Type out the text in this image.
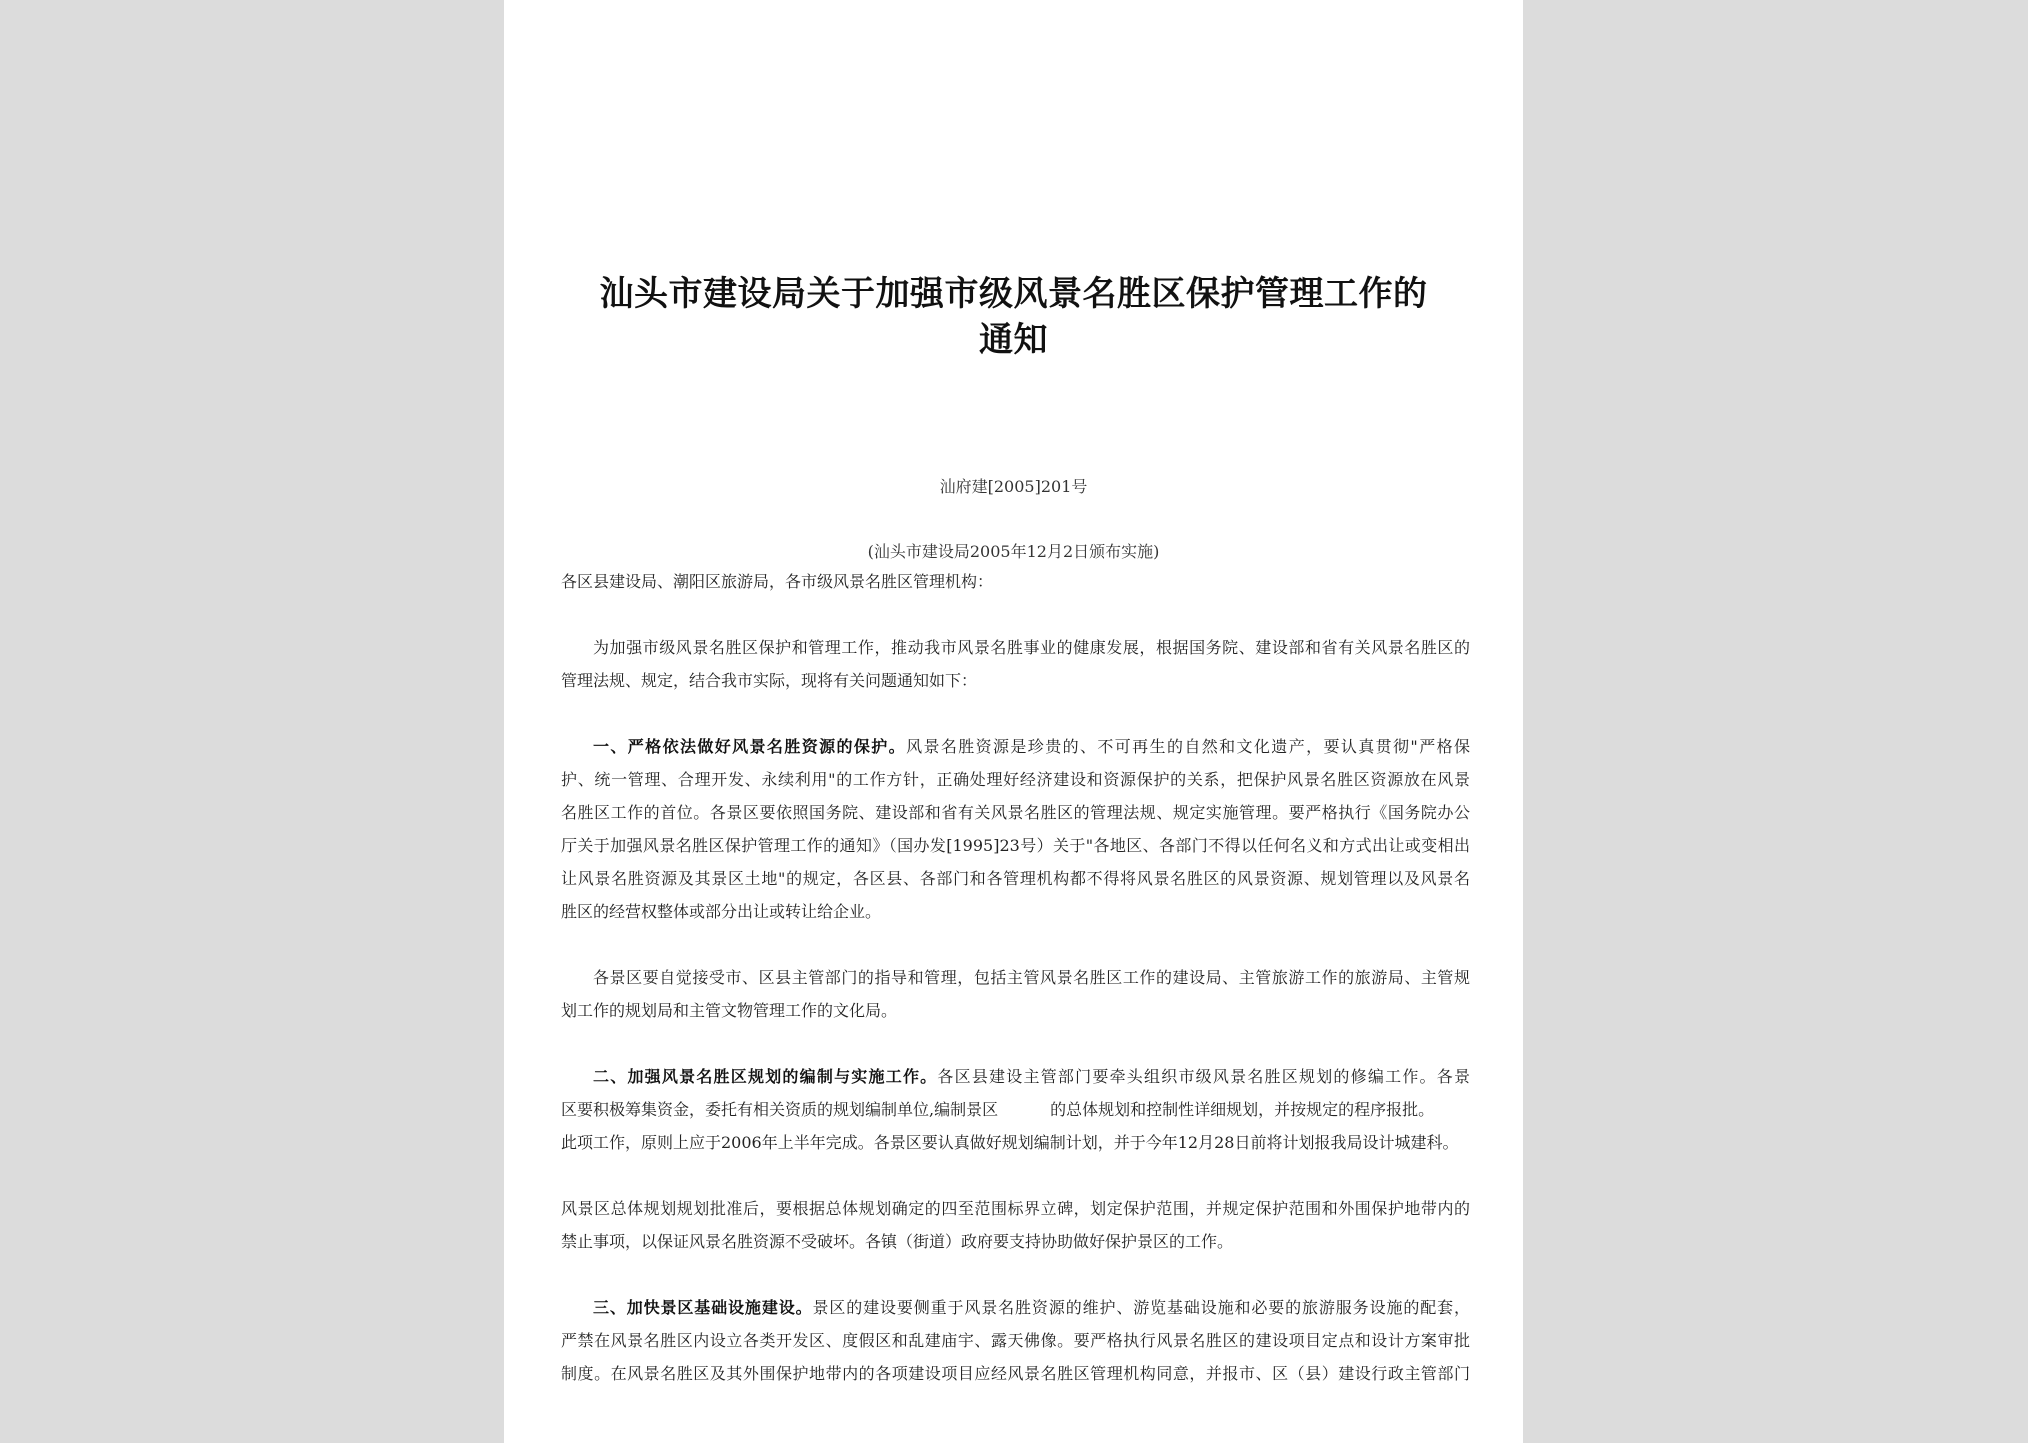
汕头市建设局关于加强市级风景名胜区保护管理工作的
通知
汕府建[2005]201号
(汕头市建设局2005年12月2日颁布实施)
各区县建设局、潮阳区旅游局，各市级风景名胜区管理机构：
为加强市级风景名胜区保护和管理工作，推动我市风景名胜事业的健康发展，根据国务院、建设部和省有关风景名胜区的
管理法规、规定，结合我市实际，现将有关问题通知如下：
一、严格依法做好风景名胜资源的保护。风景名胜资源是珍贵的、不可再生的自然和文化遗产，要认真贯彻"严格保
护、统一管理、合理开发、永续利用"的工作方针，正确处理好经济建设和资源保护的关系，把保护风景名胜区资源放在风景
名胜区工作的首位。各景区要依照国务院、建设部和省有关风景名胜区的管理法规、规定实施管理。要严格执行《国务院办公
厅关于加强风景名胜区保护管理工作的通知》（国办发[1995]23号）关于"各地区、各部门不得以任何名义和方式出让或变相出
让风景名胜资源及其景区土地"的规定，各区县、各部门和各管理机构都不得将风景名胜区的风景资源、规划管理以及风景名
胜区的经营权整体或部分出让或转让给企业。
各景区要自觉接受市、区县主管部门的指导和管理，包括主管风景名胜区工作的建设局、主管旅游工作的旅游局、主管规
划工作的规划局和主管文物管理工作的文化局。
二、加强风景名胜区规划的编制与实施工作。各区县建设主管部门要牵头组织市级风景名胜区规划的修编工作。各景
区要积极筹集资金，委托有相关资质的规划编制单位,编制景区	的总体规划和控制性详细规划，并按规定的程序报批。
此项工作，原则上应于2006年上半年完成。各景区要认真做好规划编制计划，并于今年12月28日前将计划报我局设计城建科。
风景区总体规划规划批准后，要根据总体规划确定的四至范围标界立碑，划定保护范围，并规定保护范围和外围保护地带内的
禁止事项，以保证风景名胜资源不受破坏。各镇（街道）政府要支持协助做好保护景区的工作。
三、加快景区基础设施建设。景区的建设要侧重于风景名胜资源的维护、游览基础设施和必要的旅游服务设施的配套，
严禁在风景名胜区内设立各类开发区、度假区和乱建庙宇、露天佛像。要严格执行风景名胜区的建设项目定点和设计方案审批
制度。在风景名胜区及其外围保护地带内的各项建设项目应经风景名胜区管理机构同意，并报市、区（县）建设行政主管部门
